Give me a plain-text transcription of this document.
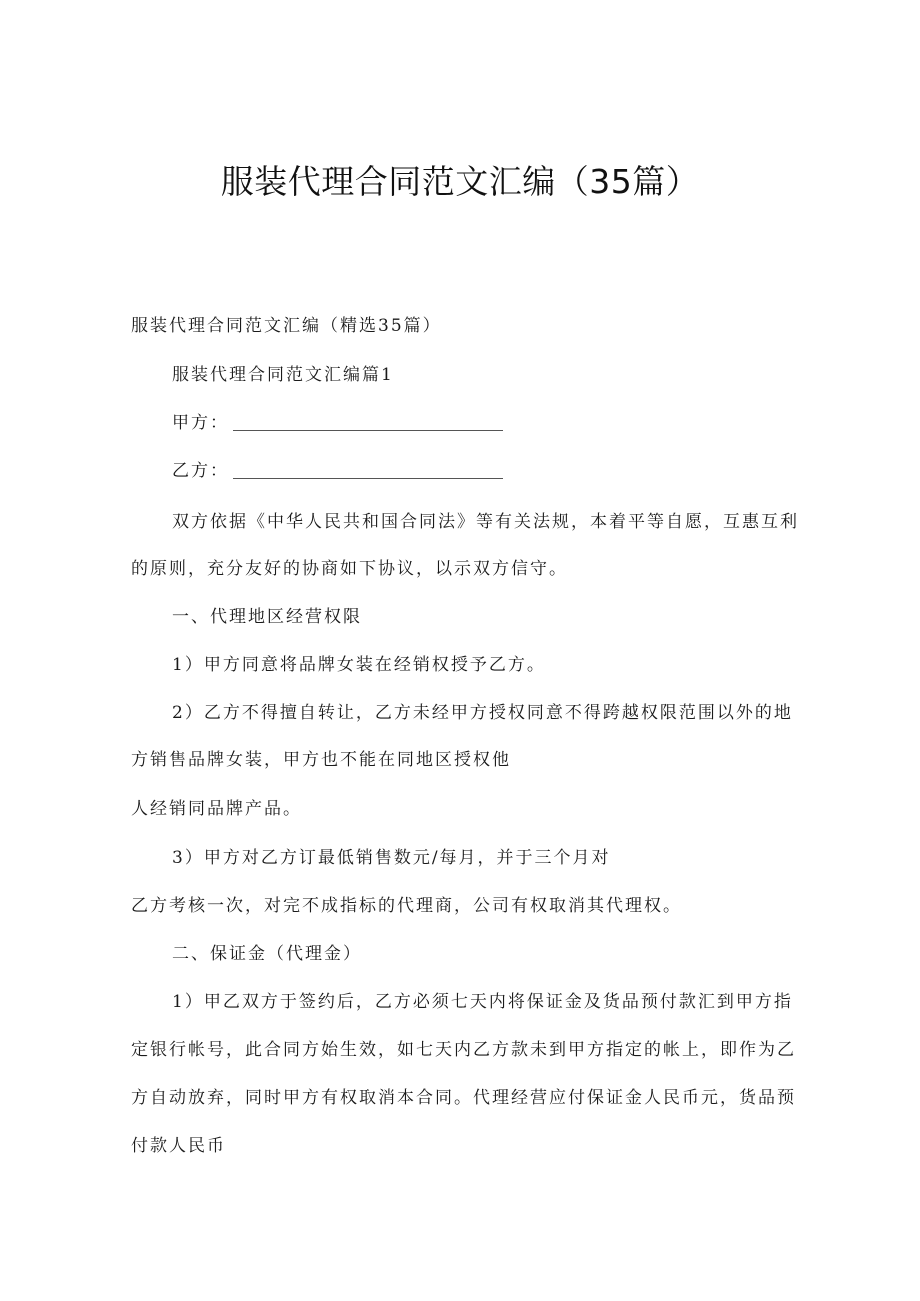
服装代理合同范文汇编（35篇）

服装代理合同范文汇编（精选35篇）

服装代理合同范文汇编篇1

甲方：

乙方：

双方依据《中华人民共和国合同法》等有关法规，本着平等自愿，互惠互利

的原则，充分友好的协商如下协议，以示双方信守。

一、代理地区经营权限

1）甲方同意将品牌女装在经销权授予乙方。

2）乙方不得擅自转让，乙方未经甲方授权同意不得跨越权限范围以外的地

方销售品牌女装，甲方也不能在同地区授权他

人经销同品牌产品。

3）甲方对乙方订最低销售数元/每月，并于三个月对

乙方考核一次，对完不成指标的代理商，公司有权取消其代理权。

二、保证金（代理金）

1）甲乙双方于签约后，乙方必须七天内将保证金及货品预付款汇到甲方指

定银行帐号，此合同方始生效，如七天内乙方款未到甲方指定的帐上，即作为乙

方自动放弃，同时甲方有权取消本合同。代理经营应付保证金人民币元，货品预

付款人民币
